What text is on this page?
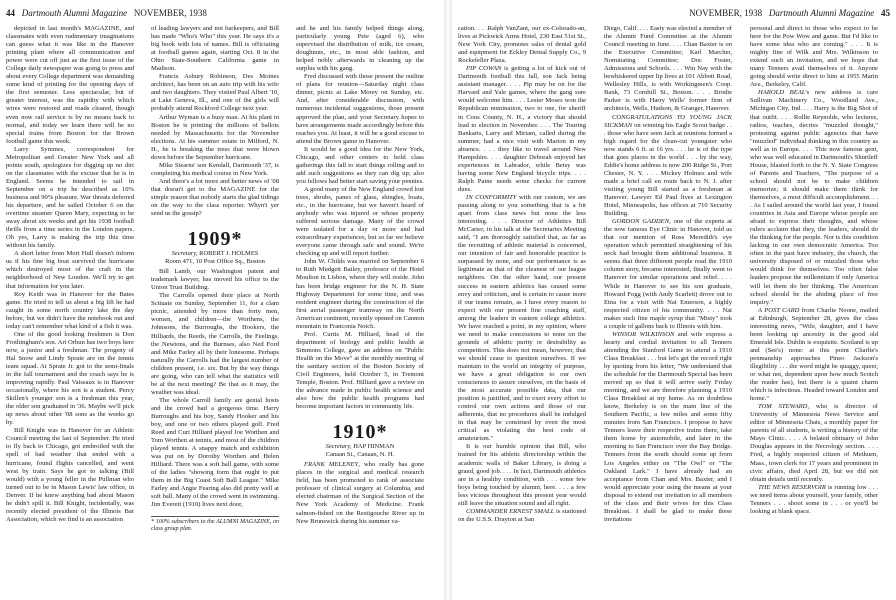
44 Dartmouth Alumni Magazine NOVEMBER, 1938

depicted in last month's MAGAZINE, and classmates with even rudimentary imaginations can guess what it was like in the Hanover printing plant where all communication and power were cut off just as the first issue of the College daily newspaper was going to press and about every College department was demanding some kind of printing for the opening days of the first semester. Less spectacular, but of greater interest, was the rapidity with which wires were restored and roads cleared, though even now rail service is by no means back to normal, and today we learn there will be no special trains from Boston for the Brown football game this week.

Larry Symmes, correspondent for Metropolitan and Greater New York and all points south, apologizes for digging up no dirt on the classmates with the excuse that he is in England. Seems he intended to sail in September on a trip he described as 10% business and 90% pleasure. War threats deferred his departure, and he sailed October 6 on the overtime steamer Queen Mary, expecting to be away about six weeks and get his 1938 football thrills from a time series in the London papers. Oh yes, Larry is making the trip this time without his family.

A short letter from Mort Hull doesn't inform us if his fine big boat survived the hurricane which destroyed most of the craft in the neighborhood of New London. We'll try to get that information for you later.

Roy Keith was in Hanover for the Bates game. He tried to tell us about a big lift he had caught in some north country lake the day before, but we didn't have the notebook out and today can't remember what kind of a fish it was.

One of the good looking freshmen is Don Frothingham's son. Art Orbun has two boys here now, a junior and a freshman. The progeny of Hal Snow and Lindy Sprate are on the tennis team squad. At Sprate Jr. got to the semi-finals in the fall tournament and the coach says he is improving rapidly. Paul Vaissaux is in Hanover occasionally, where his son is a student. Percy Skillen's younger son is a freshman this year, the older son graduated in '36. Maybe we'll pick up news about other '08 sons as the weeks go by.

Bill Knight was in Hanover for an Athletic Council meeting the last of September. He tried to fly back to Chicago, got embroiled with the spell of bad weather that ended with a hurricane, found flights cancelled, and went west by train. Says he got to talking (Bill would) with a young feller in the Pullman who turned out to be in Mason Lewis' law office, in Denver. If he knew anything bad about Mason he didn't spill it. Bill Knight, incidentally, was recently elected president of the Illinois Bar Association, which we find is an association

of leading lawyers and not barkeepers, and Bill has made "Who's Who" this year. He says it's a big book with lots of names. Bill is officiating at football games again, starting Oct. 8 in the Ohio State-Southern California game in Madison.

Francis Asbury Robinson, Des Moines architect, has been on an auto trip with his wife and two daughters. They visited Paul Albert '10, at Lake Geneva, Ill., and one of the girls will probably attend Rockford College next year.

Arthur Wyman is a busy man. At his plant in Boston he is printing the millions of ballots needed by Massachusetts for the November elections. At his summer estate in Milford, N. H., he is breaking the trees that were blown down before the September hurricane.

Mike Stearns' son Kendall, Dartmouth '37, is completing his medical course in New York.

And there's a lot more and better news of '08 that doesn't get to the MAGAZINE for the simple reason that nobody starts the glad tidings on the way to the class reporter. Whyn't yer send us the gossip?

1909*
Secretary, ROBERT J. HOLMES
Room 471, 10 Post Office Sq., Boston

Bill Lamb, our Washington patent and trademark lawyer, has moved his office to the Union Trust Building.

The Carrolls opened their place at North Scituate on Sunday, September 11, for a clam picnic, attended by more than forty men, women, and children—the Worthens, the Johnsons, the Burroughs, the Hookers, the Hilliards, the Reeds, the Carrolls, the Feelings, the Newtons, and the Burnses, also Ned Ford and Mike Farley all by their lonesome. Perhaps naturally the Carrolls had the largest number of children present, i.e. six. But by the way things are going, who can tell what the statistics will be at the next meeting? Be that as it may, the weather was ideal.

The whole Carroll family are genial hosts and the crowd had a gorgeous time. Harry Burroughs and his boy, Sandy Hooker and his boy, and one or two others played golf. Fred Reed and Curt Hilliard played Joe Worthen and Tom Worthen at tennis, and most of the children played tennis. A snappy match and exhibition was put on by Dorothy Worthen and Helen Hilliard. There was a soft ball game, with some of the ladies "showing form that ought to put them in the Big Coast Soft Ball League." Mike Farley and Angie Fearing also did pretty well at soft ball. Many of the crowd went in swimming. Jim Everett (1910) lives next door,

* 100% subscribers to the ALUMNI MAGAZINE, on class group plan.

and he and his family helped things along, particularly young Pete (aged 6), who supervised the distribution of milk, ice cream, doughnuts, etc., in most able fashion, and helped nobly afterwards in cleaning up the surplus with his gang.

Fred discussed with those present the outline of plans for reunion—Saturday night class dinner, picnic at Lake Morey on Sunday, etc. And, after considerable discussion, with numerous incidental suggestions, those present approved the plan, and your Secretary hopes to have arrangements made accordingly before this reaches you. At least, it will be a good excuse to attend the Brown game in Hanover.

It would be a good idea for the New York, Chicago, and other centers to hold class gatherings this fall to start things rolling and to add such suggestions as they can dig up; also you fellows had better start saving your pennies.

A good many of the New England crowd lost trees, shrubs, panes of glass, shingles, boats, etc., in the hurricane, but we haven't heard of anybody who was injured or whose property suffered serious damage. Many of the crowd were isolated for a day or more and had extraordinary experiences, but so far we believe everyone came through safe and sound. We're checking up and will report further.

John W. Childs was married on September 6 to Ruth Mudgett Bailey, professor of the Hotel Moulton in Lisbon, where they will reside. John has been bridge engineer for the N. H. State Highway Department for some time, and was resident engineer during the construction of the first aerial passenger tramway on the North American continent, recently opened on Cannon mountain in Franconia Notch.

Prof. Curtis M. Hilliard, head of the department of biology and public health at Simmons College, gave an address on "Public Health on the Move" at the monthly meeting of the sanitary section of the Boston Society of Civil Engineers, held October 5, in Tremont Temple, Boston. Prof. Hilliard gave a review on the advance made in public health science and also how the public health programs had become important factors in community life.

1910*
Secretary, HAP HINMAN
Canaan St., Canaan, N. H.

FRANK MELENEY, who really has gone places in the surgical and medical research field, has been promoted to rank of associate professor of clinical surgery at Columbia, and elected chairman of the Surgical Section of the New York Academy of Medicine. Frank salmon-fished on the Restigouche River up in New Brunswick during his summer va-

NOVEMBER, 1938 Dartmouth Alumni Magazine 45

cation. . . .Ralph VanZant, our ex-Colorado-an, lives at Pickwick Arms Hotel, 230 East 51st St., New York City, promotes sales of dental gold and equipment for Eckley Dental Supply Co., 9 Rockefeller Plaza.

PIP COWAN is getting a lot of kick out of Dartmouth football this fall, son Jack being assistant manager. . . . Pip may be on for the Harvard and Yale games, where the gang sure would welcome him. . . . Lester Moses won the Republican nomination, two to one, for sheriff in Coos County, N. H., a victory that should lead to election in November. . . . The Touring Bankarts, Larry and Miriam, called during the summer, had a nice visit with Marion in my absence. . . . they like to travel around New Hampshire. . . . daughter Deborah enjoyed her experiences in Labrador, while Betsy was having some New England bicycle trips. . . . Ralph Paine needs some checks for current dues.

IN CONFORMITY with our custom, we are passing along to you something that is a bit apart from class news but none the less interesting. . . . Director of Athletics Bill McCarter, in his talk at the Secretaries Meeting said, "I am thoroughly satisfied that, as far as the recruiting of athletic material is concerned, our intention of fair and honorable practice is surpassed by none, and our performance is as legitimate as that of the cleanest of our league neighbors. On the other hand, our present success in eastern athletics has caused some envy and criticism, and is certain to cause more if our teams remain, as I have every reason to expect with our present fine coaching staff, among the leaders in eastern college athletics. We have reached a point, in my opinion, where we need to make concessions to none on the grounds of athletic purity or desirability as competitors. This does not mean, however, that we should cease to question ourselves. If we maintain to the world an integrity of purpose, we have a great obligation to our own consciences to assure ourselves, on the basis of the most accurate possible data, that our position is justified, and to exert every effort to control our own actions and those of our adherents, that no procedures shall be indulged in that may be construed by even the most critical as violating the best code of amateurism."

It is our humble opinion that Bill, who trained for his athletic directorship within the academic walls of Baker Library, is doing a grand, good job. . . . In fact, Dartmouth athletics are in a healthy condition, with . . . some few boys being touched by alumni, here. . . . a few less vicious throughout this present year would still leave the situation sound and all right.

COMMANDER ERNEST SMALL is stationed on the U.S.S. Drayton at San

Diego, Calif. . . . Easty was elected a member of the Alumni Fund Committee at the Alumni Council meeting in June. . . . Chan Baxter is on the Executive Committee; Karl Marcher, Nominating Committee; Doc Foster, Admissions and Schools. . . . Win Nay with the bewhiskered upper lip lives at 101 Abbott Road, Wellesley Hills, is with Workingmen's Coop. Bank, 73 Cornhill St., Boston. . . . Brodie Parker is with Harry Wells' former firm of architects, Wells, Hudson, & Granger, Hanover.

CONGRATULATIONS TO YOUNG JACK SICKMAN on winning his Eagle Scout badge . . . those who have seen Jack at reunions formed a high regard for the clean-cut youngster who now stands 6 ft. at 16 yrs. . . . he is of the type that goes places in the world . . . by the way, Eddie's home address is now 200 Ridge St., Port Chester, N. Y. . . . Mickey Holmes and wife made a brief call en route back to N. J. after visiting young Bill started as a freshman at Hanover. Lawyer Ed Paul lives at Lexington Hotel, Minneapolis, has offices at 710 Security Building.

GORDON GADDEN, one of the experts at the now famous Eye Clinic in Hanover, told us that our mention of Ross Meredith's eye operation which permitted straightening of his neck had brought them additional business. It seems that three different people read the 1910 column story, became interested, finally went to Hanover for similar operations and relief. . . . While in Hanover to see his son graduate, Howard Fogg (with Andy Scarlett) drove out to Etna for a visit with Nat Emerson, a highly respected citizen of his community. . . . Nat makes such fine maple syrup that "Misty" took a couple of gallons back to Illinois with him.

WINSOR WILKINSON and wife express a hearty and cordial invitation to all Tenners attending the Stanford Game to attend a 1910 Class Breakfast . . . but let's get the record right by quoting from his letter, "We understand that the schedule for the Dartmouth Special has been moved up so that it will arrive early Friday morning, and we are therefore planning a 1910 Class Breakfast at my home. As on doubtless know, Berkeley is on the main line of the Southern Pacific, a few miles and some fifty minutes from San Francisco. I propose to have Tenners leave their respective trains there, take them home by automobile, and later in the morning to San Francisco over the Bay Bridge. Tenners from the south should come up from Los Angeles either on "The Owl" or "The Oakland Lark." I have already had an acceptance from Chan and Mrs. Baxter, and I would appreciate your using the means at your disposal to extend our invitation to all members of the class and their wives for this Class Breakfast. I shall be glad to make these invitations

personal and direct to those who expect to be here for the Pow Wow and game. But I'd like to have some idea who are coming." . . . It is mighty fine of Wilk and Mrs. Wilkinson to extend such an invitation, and we hope that many Tenners avail themselves of it. Anyone going should write direct to him at 1955 Marin Ave., Berkeley, Calif.

HAROLD BEAL's new address is care Sullivan Machinery Co., Woodland Ave., Michigan City, Ind. . . . Harry is the Big Shot of that outfit. . . . Rollie Reynolds, who lectures, radios, teaches, decries "muzzled thought," protesting against public agencies that have "muzzled" individual thinking in this country as well as in Europe. . . . This now famous gent, who was well educated in Dartmouth's Shurtleff House, blasted forth to the N. Y. State Congress of Parents and Teachers, "The purpose of a school should not be to make children memorize; it should make them think for themselves, a most difficult accomplishment. . . . As I sailed around the world last year, I found countries in Asia and Europe whose people are afraid to express their thoughts, and whose rulers acclaim that they, the leaders, should do the thinking for the people. Nor is this condition lacking in our own democratic America. Too often in the past have industry, the church, the university disposed of or muzzled those who would think for themselves. Too often false leaders propose the millennium if only America will let them do her thinking. The American school should be the abiding place of free inquiry."

A POST CARD from Charlie Noone, mailed at Edinburgh, September 28, gives the class interesting news, "Wife, daughter, and I have been looking up ancestry in the good old Emerald Isle. Dublin is exquisite. Scotland is up and (See's) none: at this point Charlie's penmanship approaches Pineo Jackson's illegibility . . . the word might be quaggy, queer, or what not, dependent upon how much Scotch the reader has), but there is a quaint charm which is infectious. Headed toward London and home."

TOM STEWARD, who is director of University of Minnesota News Service and editor of Minnesota Chats, a monthly paper for parents of all students, is writing a history of the Mayo Clinic. . . . A belated obituary of John Douglas appears in the Necrology section. . . . Fred, a highly respected citizen of Methuen, Mass., town clerk for 17 years and prominent in civic affairs, died April 28, but we did not obtain details until recently.

THE NEWS RESERVOIR is running low . . . we need items about yourself, your family, other Tenners . . . shoot some in . . . or you'll be looking at blank space.
